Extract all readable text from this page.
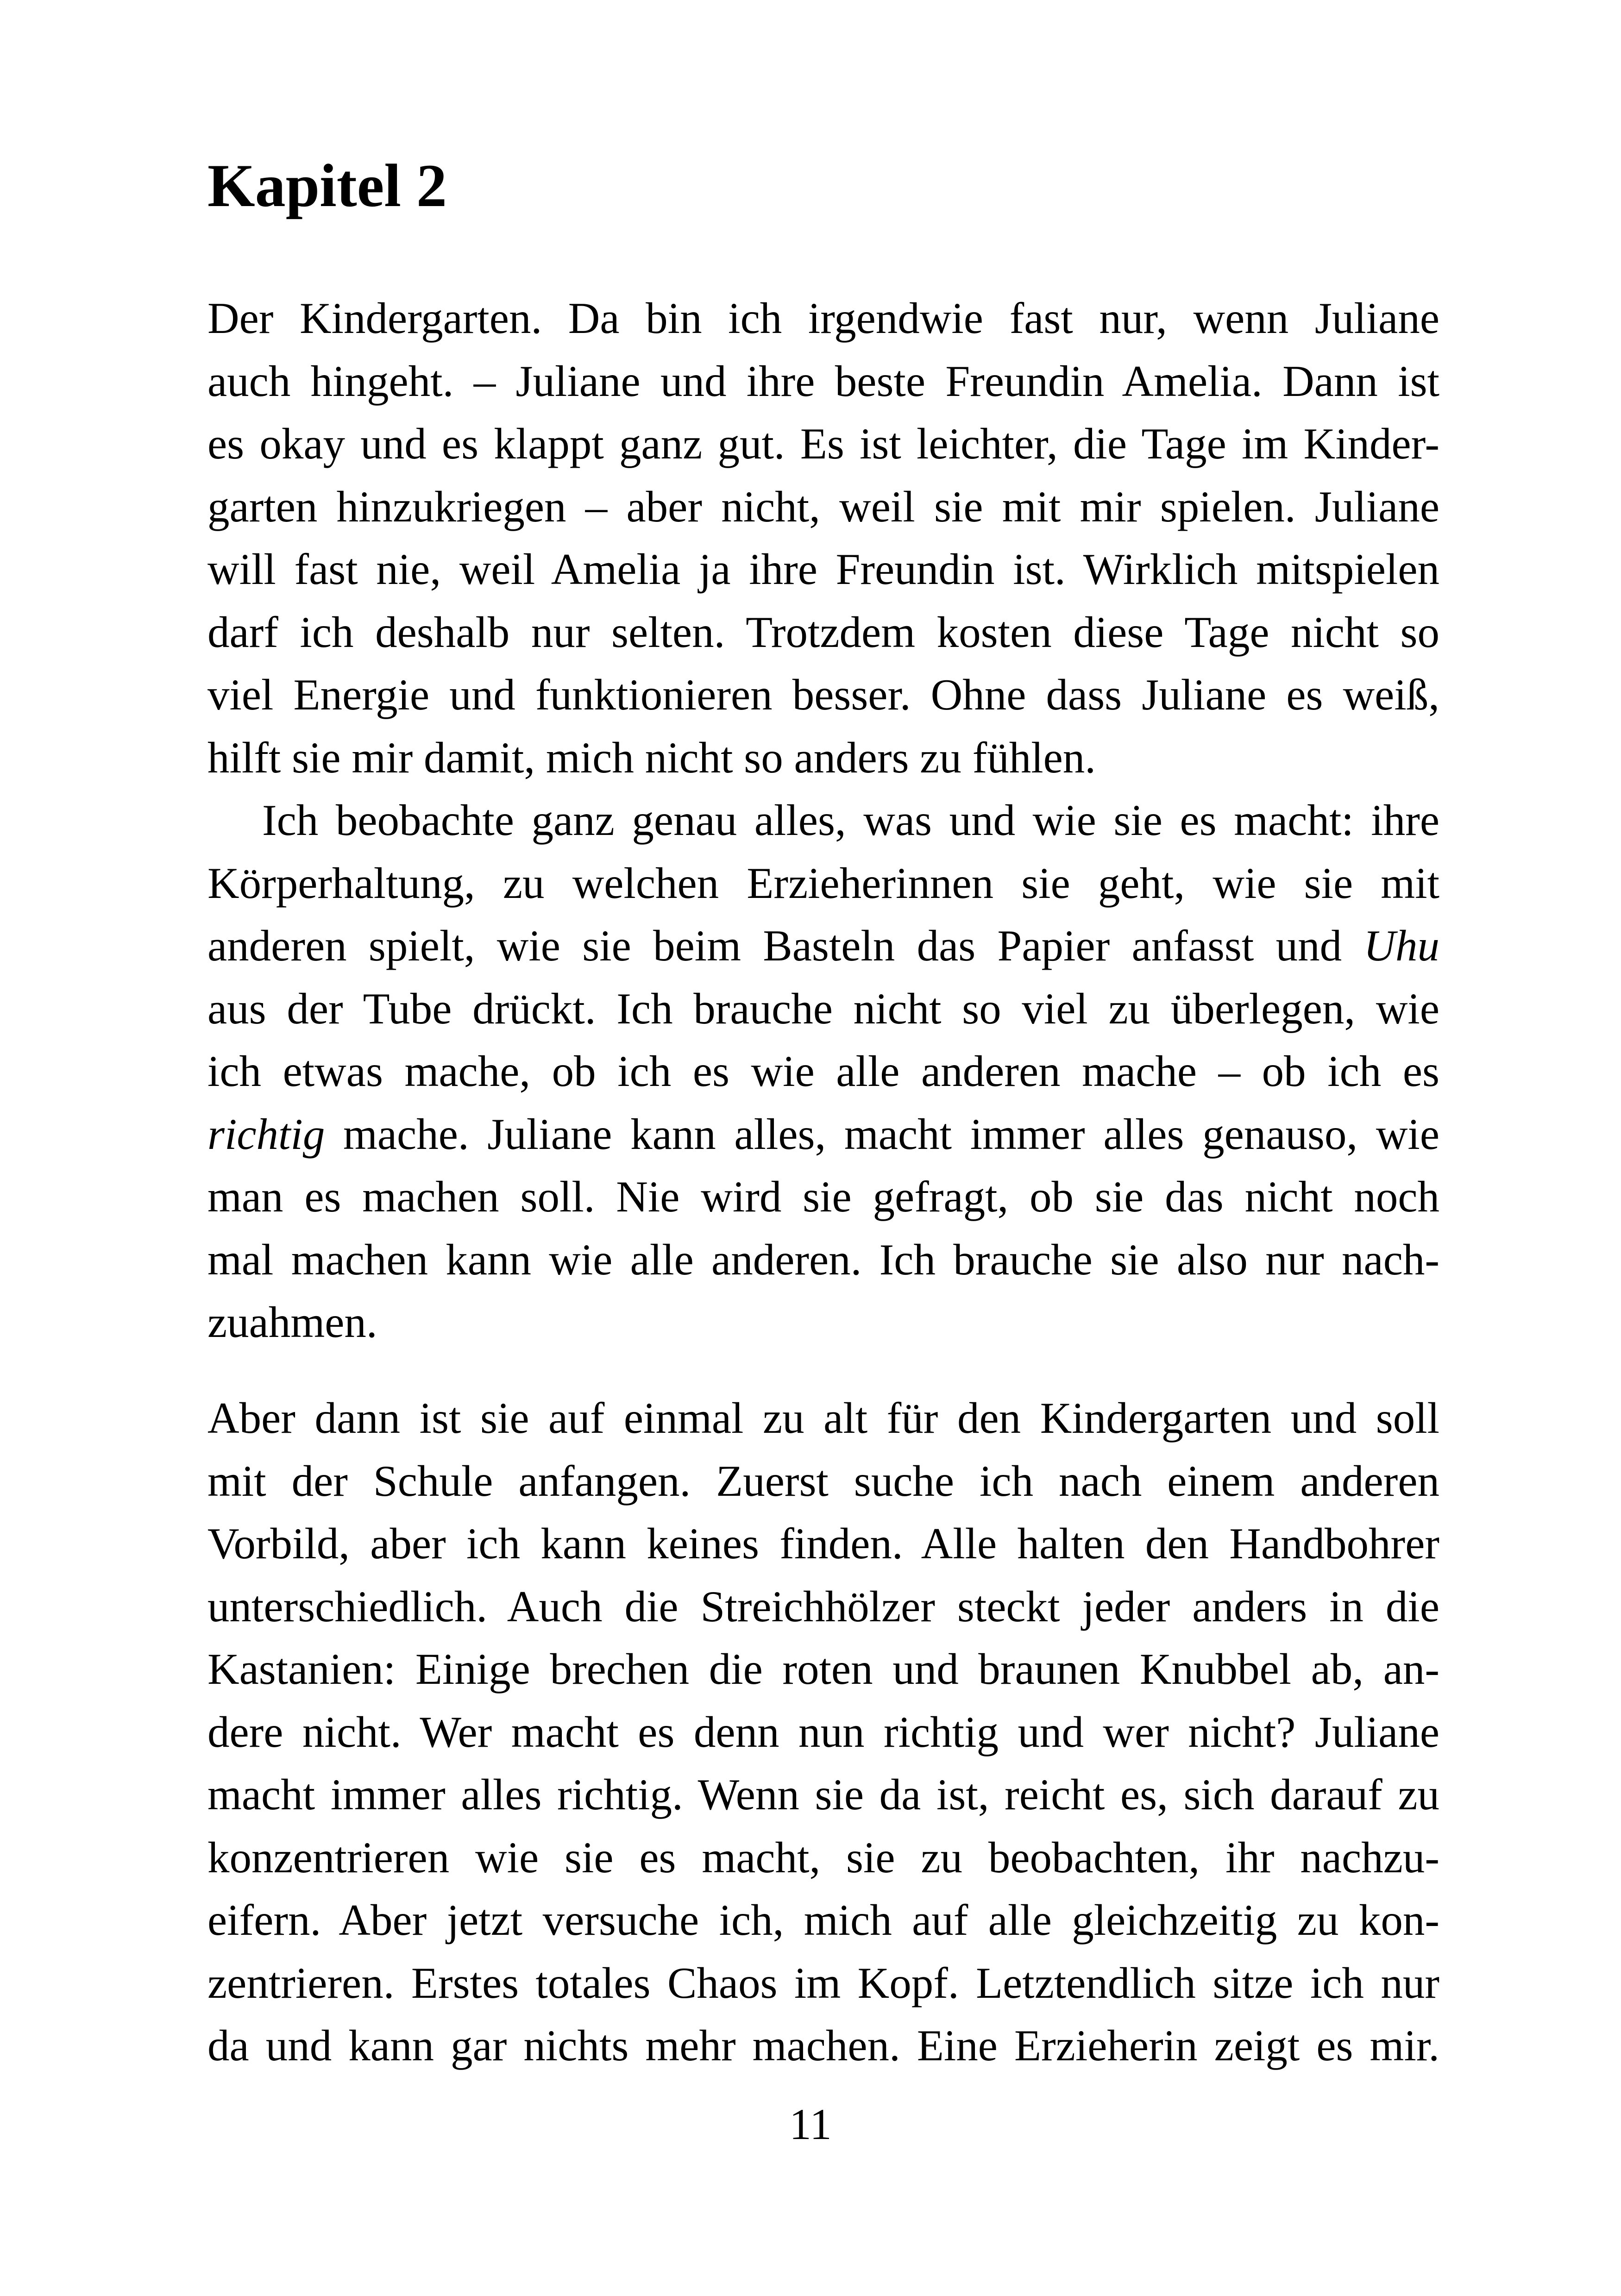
Kapitel 2
Der Kindergarten. Da bin ich irgendwie fast nur, wenn Juliane
auch hingeht. – Juliane und ihre beste Freundin Amelia. Dann ist
es okay und es klappt ganz gut. Es ist leichter, die Tage im Kinder-
garten hinzukriegen – aber nicht, weil sie mit mir spielen. Juliane
will fast nie, weil Amelia ja ihre Freundin ist. Wirklich mitspielen
darf ich deshalb nur selten. Trotzdem kosten diese Tage nicht so
viel Energie und funktionieren besser. Ohne dass Juliane es weiß,
hilft sie mir damit, mich nicht so anders zu fühlen.
Ich beobachte ganz genau alles, was und wie sie es macht: ihre
Körperhaltung, zu welchen Erzieherinnen sie geht, wie sie mit
anderen spielt, wie sie beim Basteln das Papier anfasst und Uhu
aus der Tube drückt. Ich brauche nicht so viel zu überlegen, wie
ich etwas mache, ob ich es wie alle anderen mache – ob ich es
richtig mache. Juliane kann alles, macht immer alles genauso, wie
man es machen soll. Nie wird sie gefragt, ob sie das nicht noch
mal machen kann wie alle anderen. Ich brauche sie also nur nach-
zuahmen.
Aber dann ist sie auf einmal zu alt für den Kindergarten und soll
mit der Schule anfangen. Zuerst suche ich nach einem anderen
Vorbild, aber ich kann keines finden. Alle halten den Handbohrer
unterschiedlich. Auch die Streichhölzer steckt jeder anders in die
Kastanien: Einige brechen die roten und braunen Knubbel ab, an-
dere nicht. Wer macht es denn nun richtig und wer nicht? Juliane
macht immer alles richtig. Wenn sie da ist, reicht es, sich darauf zu
konzentrieren wie sie es macht, sie zu beobachten, ihr nachzu-
eifern. Aber jetzt versuche ich, mich auf alle gleichzeitig zu kon-
zentrieren. Erstes totales Chaos im Kopf. Letztendlich sitze ich nur
da und kann gar nichts mehr machen. Eine Erzieherin zeigt es mir.
11
